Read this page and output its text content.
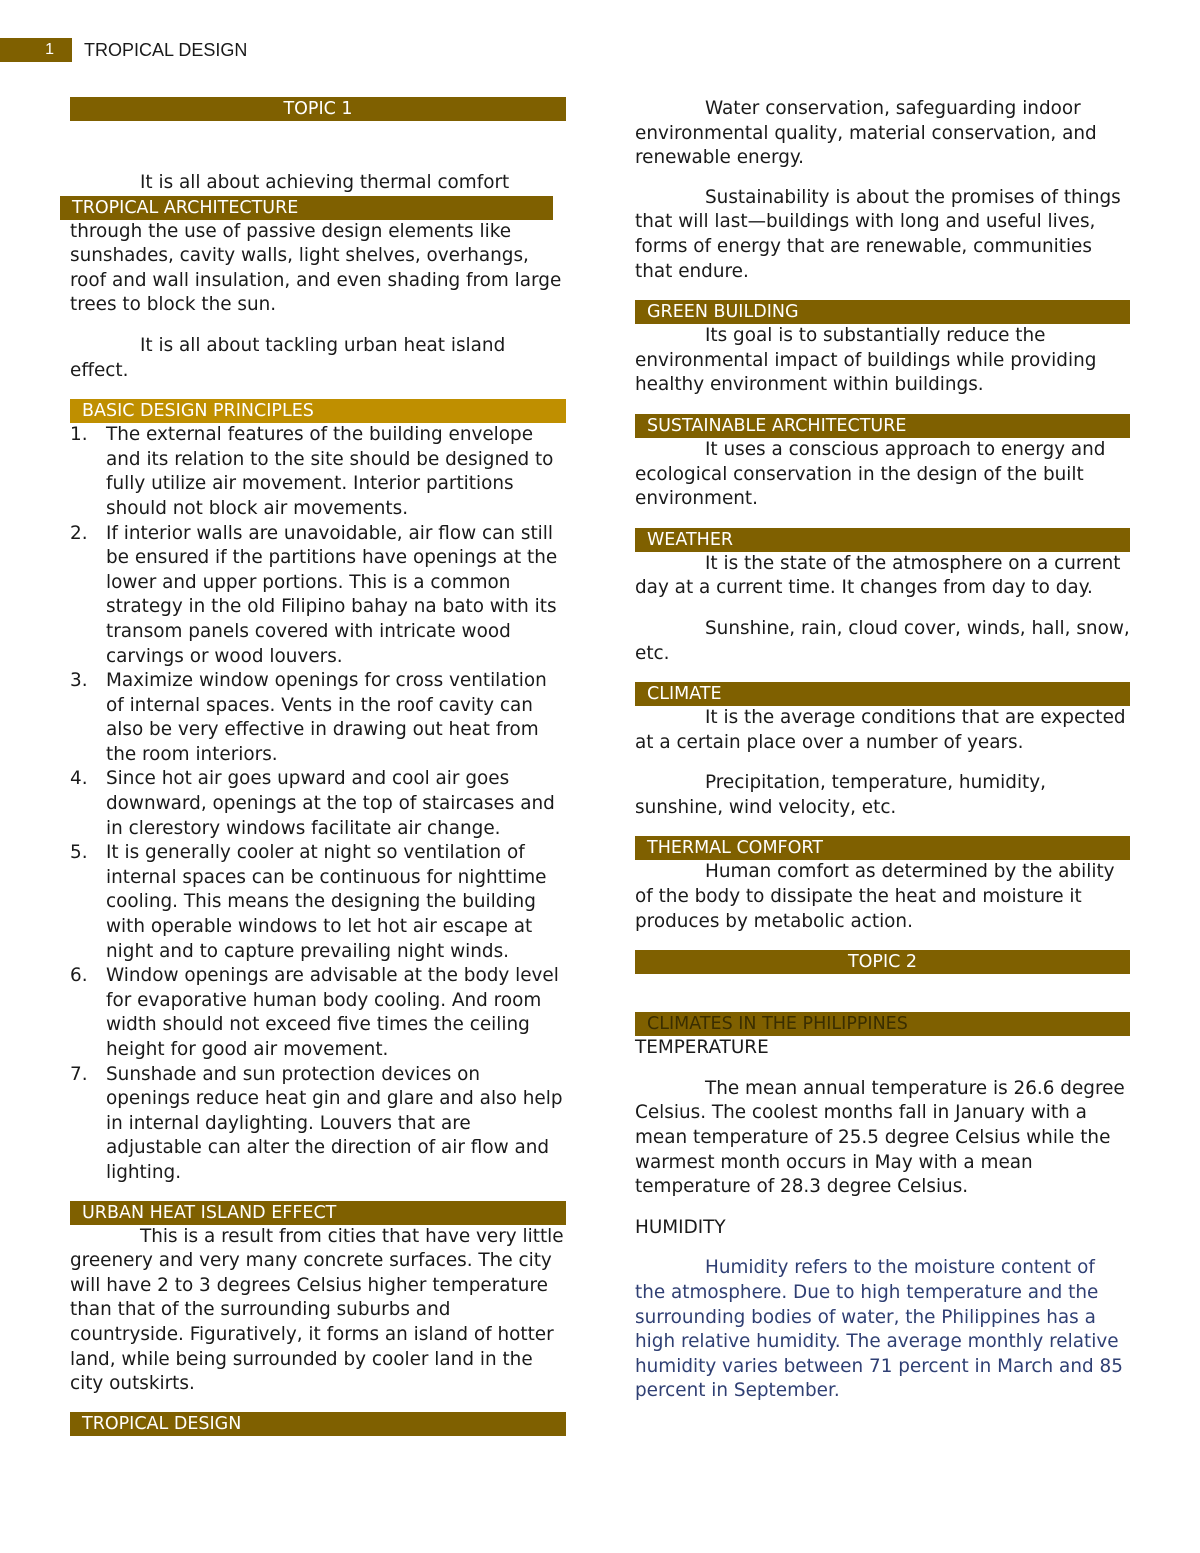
1	TROPICAL DESIGN
TOPIC 1

It is all about achieving thermal comfort

TROPICAL ARCHITECTURE

through the use of passive design elements like sunshades, cavity walls, light shelves, overhangs, roof and wall insulation, and even shading from large trees to block the sun.

It is all about tackling urban heat island effect.

BASIC DESIGN PRINCIPLES
1. The external features of the building envelope and its relation to the site should be designed to fully utilize air movement. Interior partitions should not block air movements.
2. If interior walls are unavoidable, air flow can still be ensured if the partitions have openings at the lower and upper portions. This is a common strategy in the old Filipino bahay na bato with its transom panels covered with intricate wood carvings or wood louvers.
3. Maximize window openings for cross ventilation of internal spaces. Vents in the roof cavity can also be very effective in drawing out heat from the room interiors.
4. Since hot air goes upward and cool air goes downward, openings at the top of staircases and in clerestory windows facilitate air change.
5. It is generally cooler at night so ventilation of internal spaces can be continuous for nighttime cooling. This means the designing the building with operable windows to let hot air escape at night and to capture prevailing night winds.
6. Window openings are advisable at the body level for evaporative human body cooling. And room width should not exceed five times the ceiling height for good air movement.
7. Sunshade and sun protection devices on openings reduce heat gin and glare and also help in internal daylighting. Louvers that are adjustable can alter the direction of air flow and lighting.
URBAN HEAT ISLAND EFFECT

This is a result from cities that have very little greenery and very many concrete surfaces. The city will have 2 to 3 degrees Celsius higher temperature than that of the surrounding suburbs and countryside. Figuratively, it forms an island of hotter land, while being surrounded by cooler land in the city outskirts.

TROPICAL DESIGN

Water conservation, safeguarding indoor environmental quality, material conservation, and renewable energy.

Sustainability is about the promises of things that will last—buildings with long and useful lives, forms of energy that are renewable, communities that endure.

GREEN BUILDING

Its goal is to substantially reduce the environmental impact of buildings while providing healthy environment within buildings.

SUSTAINABLE ARCHITECTURE

It uses a conscious approach to energy and ecological conservation in the design of the built environment.

WEATHER

It is the state of the atmosphere on a current day at a current time. It changes from day to day.

Sunshine, rain, cloud cover, winds, hall, snow, etc.

CLIMATE

It is the average conditions that are expected at a certain place over a number of years.

Precipitation, temperature, humidity, sunshine, wind velocity, etc.

THERMAL COMFORT

Human comfort as determined by the ability of the body to dissipate the heat and moisture it produces by metabolic action.

TOPIC 2
CLIMATES IN THE PHILIPPINES

TEMPERATURE

The mean annual temperature is 26.6 degree Celsius. The coolest months fall in January with a mean temperature of 25.5 degree Celsius while the warmest month occurs in May with a mean temperature of 28.3 degree Celsius.

HUMIDITY

Humidity refers to the moisture content of the atmosphere. Due to high temperature and the surrounding bodies of water, the Philippines has a high relative humidity. The average monthly relative humidity varies between 71 percent in March and 85 percent in September.
